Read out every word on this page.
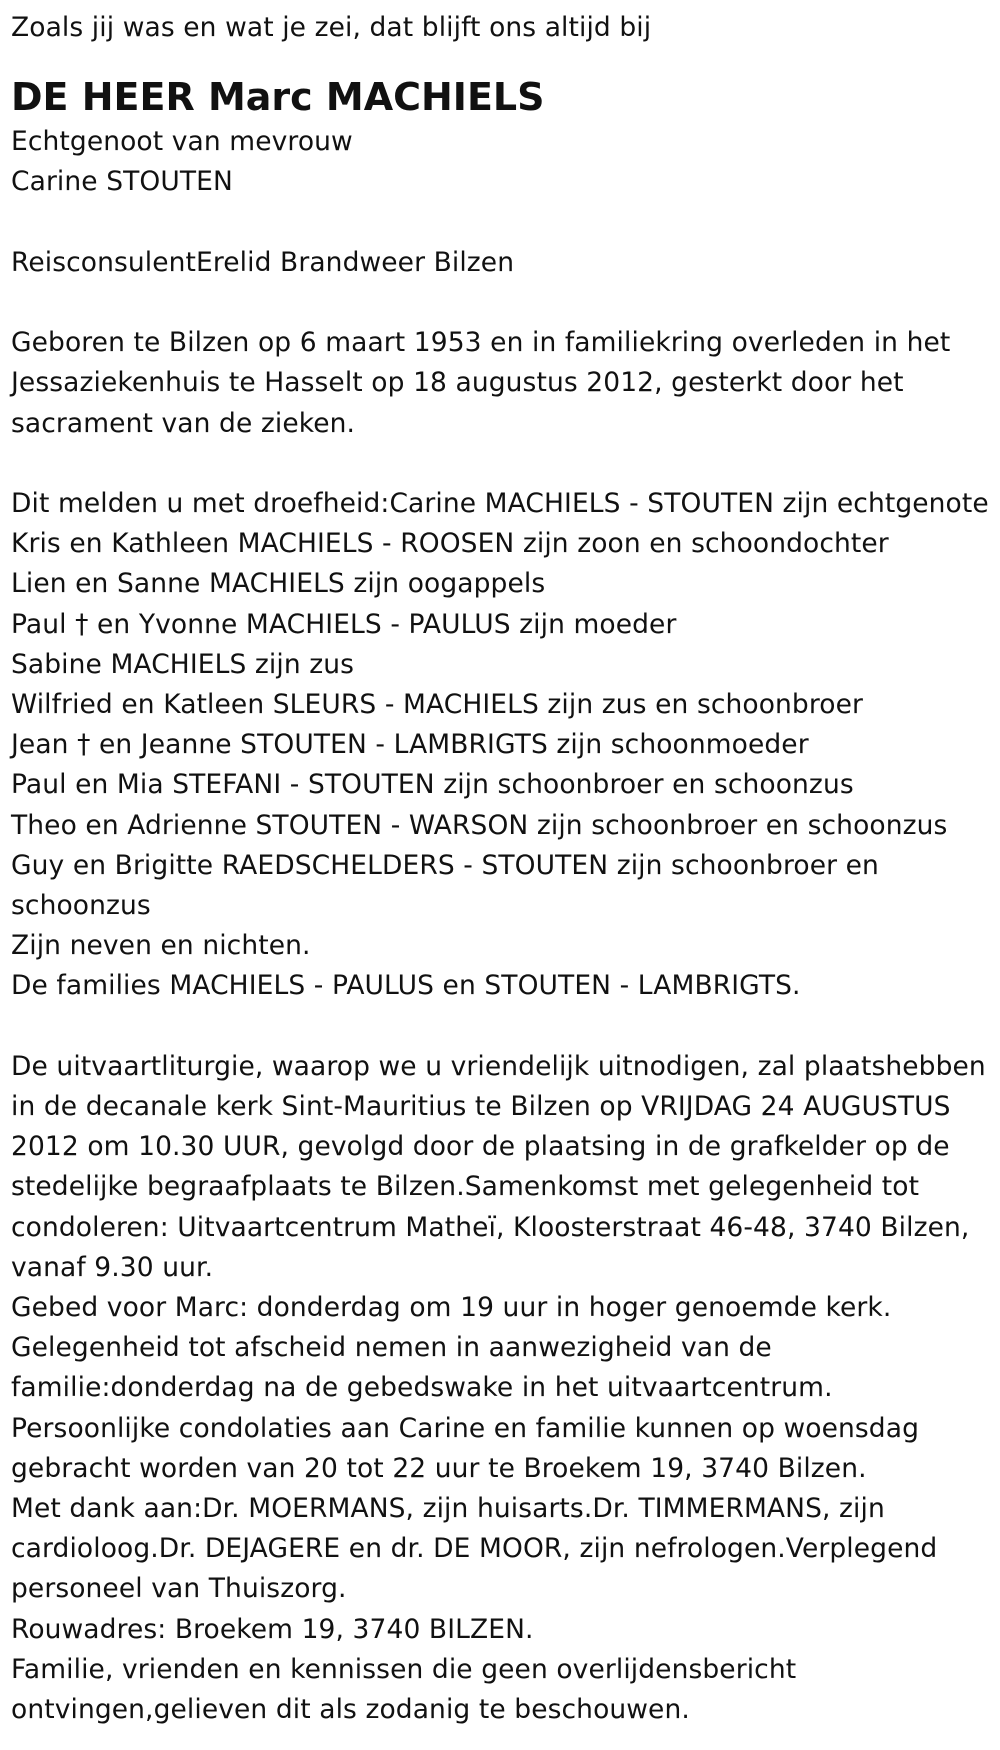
Zoals jij was en wat je zei, dat blijft ons altijd bij
DE HEER Marc MACHIELS
Echtgenoot van mevrouw
Carine STOUTEN
ReisconsulentErelid Brandweer Bilzen
Geboren te Bilzen op 6 maart 1953 en in familiekring overleden in het
Jessaziekenhuis te Hasselt op 18 augustus 2012, gesterkt door het
sacrament van de zieken.
Dit melden u met droefheid:Carine MACHIELS - STOUTEN zijn echtgenote
Kris en Kathleen MACHIELS - ROOSEN zijn zoon en schoondochter
Lien en Sanne MACHIELS zijn oogappels
Paul † en Yvonne MACHIELS - PAULUS zijn moeder
Sabine MACHIELS zijn zus
Wilfried en Katleen SLEURS - MACHIELS zijn zus en schoonbroer
Jean † en Jeanne STOUTEN - LAMBRIGTS zijn schoonmoeder
Paul en Mia STEFANI - STOUTEN zijn schoonbroer en schoonzus
Theo en Adrienne STOUTEN - WARSON zijn schoonbroer en schoonzus
Guy en Brigitte RAEDSCHELDERS - STOUTEN zijn schoonbroer en
schoonzus
Zijn neven en nichten.
De families MACHIELS - PAULUS en STOUTEN - LAMBRIGTS.
De uitvaartliturgie, waarop we u vriendelijk uitnodigen, zal plaatshebben
in de decanale kerk Sint-Mauritius te Bilzen op VRIJDAG 24 AUGUSTUS
2012 om 10.30 UUR, gevolgd door de plaatsing in de grafkelder op de
stedelijke begraafplaats te Bilzen.Samenkomst met gelegenheid tot
condoleren: Uitvaartcentrum Matheï, Kloosterstraat 46-48, 3740 Bilzen,
vanaf 9.30 uur.
Gebed voor Marc: donderdag om 19 uur in hoger genoemde kerk.
Gelegenheid tot afscheid nemen in aanwezigheid van de
familie:donderdag na de gebedswake in het uitvaartcentrum.
Persoonlijke condolaties aan Carine en familie kunnen op woensdag
gebracht worden van 20 tot 22 uur te Broekem 19, 3740 Bilzen.
Met dank aan:Dr. MOERMANS, zijn huisarts.Dr. TIMMERMANS, zijn
cardioloog.Dr. DEJAGERE en dr. DE MOOR, zijn nefrologen.Verplegend
personeel van Thuiszorg.
Rouwadres: Broekem 19, 3740 BILZEN.
Familie, vrienden en kennissen die geen overlijdensbericht
ontvingen,gelieven dit als zodanig te beschouwen.
